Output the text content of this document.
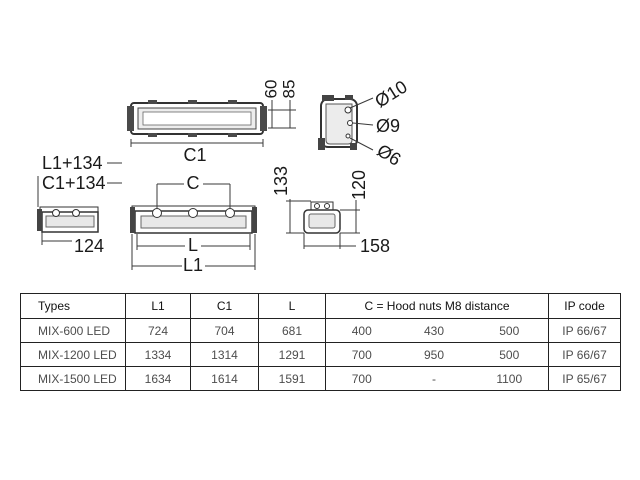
60 85
C1
Ø10
Ø9
Ø6
L1+134
C1+134
124
C
L
L1
133	120
158
Types	L1	C1	L	C = Hood nuts M8 distance			IP code
MIX-600 LED	724	704	681	400	430	500	IP 66/67
MIX-1200 LED	1334	1314	1291	700	950	500	IP 66/67
MIX-1500 LED	1634	1614	1591	700	-	1100	IP 65/67
